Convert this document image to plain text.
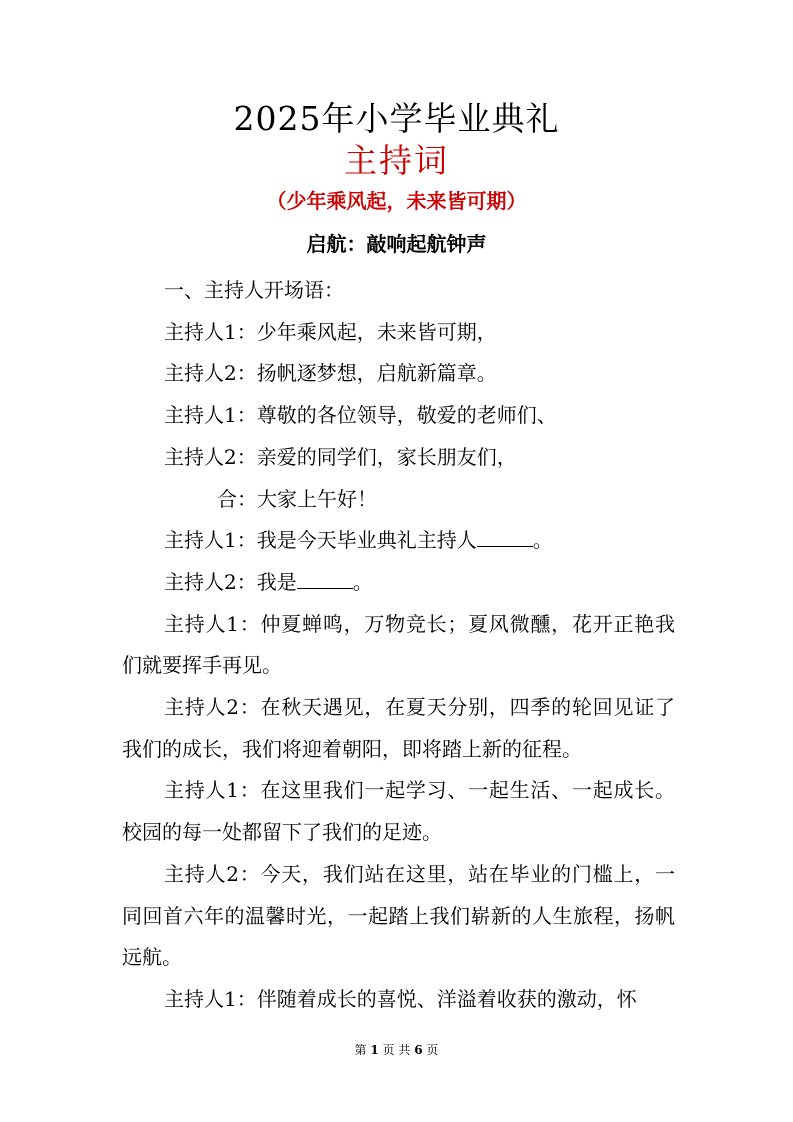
2025年小学毕业典礼
主持词
（少年乘风起，未来皆可期）
启航：敲响起航钟声

一、主持人开场语：

主持人1：少年乘风起，未来皆可期，

主持人2：扬帆逐梦想，启航新篇章。

主持人1：尊敬的各位领导，敬爱的老师们、

主持人2：亲爱的同学们，家长朋友们，

合：大家上午好！

主持人1：我是今天毕业典礼主持人	。

主持人2：我是	。

主持人1：仲夏蝉鸣，万物竞长；夏风微醺，花开正艳我们就要挥手再见。

主持人2：在秋天遇见，在夏天分别，四季的轮回见证了我们的成长，我们将迎着朝阳，即将踏上新的征程。

主持人1：在这里我们一起学习、一起生活、一起成长。校园的每一处都留下了我们的足迹。

主持人2：今天，我们站在这里，站在毕业的门槛上，一同回首六年的温馨时光，一起踏上我们崭新的人生旅程，扬帆远航。

主持人1：伴随着成长的喜悦、洋溢着收获的激动，怀

第 1 页 共 6 页
